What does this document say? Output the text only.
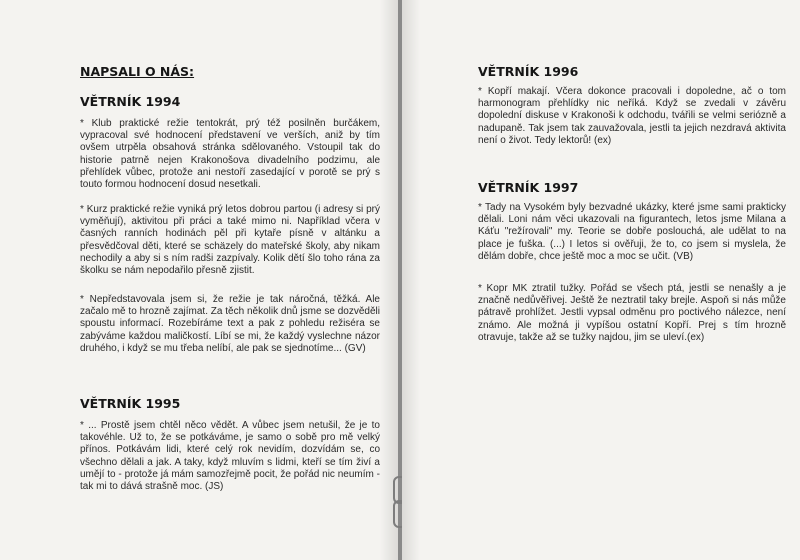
NAPSALI O NÁS:

VĚTRNÍK 1994

* Klub praktické režie tentokrát, prý též posilněn burčákem, vypracoval své hodnocení představení ve verších, aniž by tím ovšem utrpěla obsahová stránka sdělovaného. Vstoupil tak do historie patrně nejen Krakonošova divadelního podzimu, ale přehlídek vůbec, protože ani nestoří zasedající v porotě se prý s touto formou hodnocení dosud nesetkali.

* Kurz praktické režie vyniká prý letos dobrou partou (i adresy si prý vyměňují), aktivitou při práci a také mimo ni. Například včera v časných ranních hodinách pěl při kytaře písně v altánku a přesvědčoval děti, které se schäzely do mateřské školy, aby nikam nechodily a aby si s ním radši zazpívaly. Kolik dětí šlo toho rána za školku se nám nepodařilo přesně zjistit.

* Nepředstavovala jsem si, že režie je tak náročná, těžká. Ale začalo mě to hrozně zajímat. Za těch několik dnů jsme se dozvěděli spoustu informací. Rozebíráme text a pak z pohledu režiséra se zabýváme každou maličkostí. Líbí se mi, že každý vyslechne názor druhého, i když se mu třeba nelíbí, ale pak se sjednotíme... (GV)

VĚTRNÍK 1995

* ... Prostě jsem chtěl něco vědět. A vůbec jsem netušil, že je to takovéhle. Už to, že se potkáváme, je samo o sobě pro mě velký přínos. Potkávám lidi, které celý rok nevidím, dozvídám se, co všechno dělali a jak. A taky, když mluvím s lidmi, kteří se tím živí a umějí to - protože já mám samozřejmě pocit, že pořád nic neumím - tak mi to dává strašně moc. (JS)

VĚTRNÍK 1996

* Kopří makají. Včera dokonce pracovali i dopoledne, ač o tom harmonogram přehlídky nic neříká. Když se zvedali v závěru dopolední diskuse v Krakonoši k odchodu, tvářili se velmi seriózně a nadupaně. Tak jsem tak zauvažovala, jestli ta jejich nezdravá aktivita není o život. Tedy lektorů! (ex)

VĚTRNÍK 1997

* Tady na Vysokém byly bezvadné ukázky, které jsme sami prakticky dělali. Loni nám věci ukazovali na figurantech, letos jsme Milana a Káťu "režírovali" my. Teorie se dobře poslouchá, ale udělat to na place je fuška. (...) I letos si ověřuji, že to, co jsem si myslela, že dělám dobře, chce ještě moc a moc se učit. (VB)

* Kopr MK ztratil tužky. Pořád se všech ptá, jestli se nenašly a je značně nedůvěřivej. Ještě že neztratil taky brejle. Aspoň si nás může pátravě prohlížet. Jestli vypsal odměnu pro poctivého nálezce, není známo. Ale možná ji vypíšou ostatní Kopří. Prej s tím hrozně otravuje, takže až se tužky najdou, jim se uleví.(ex)
